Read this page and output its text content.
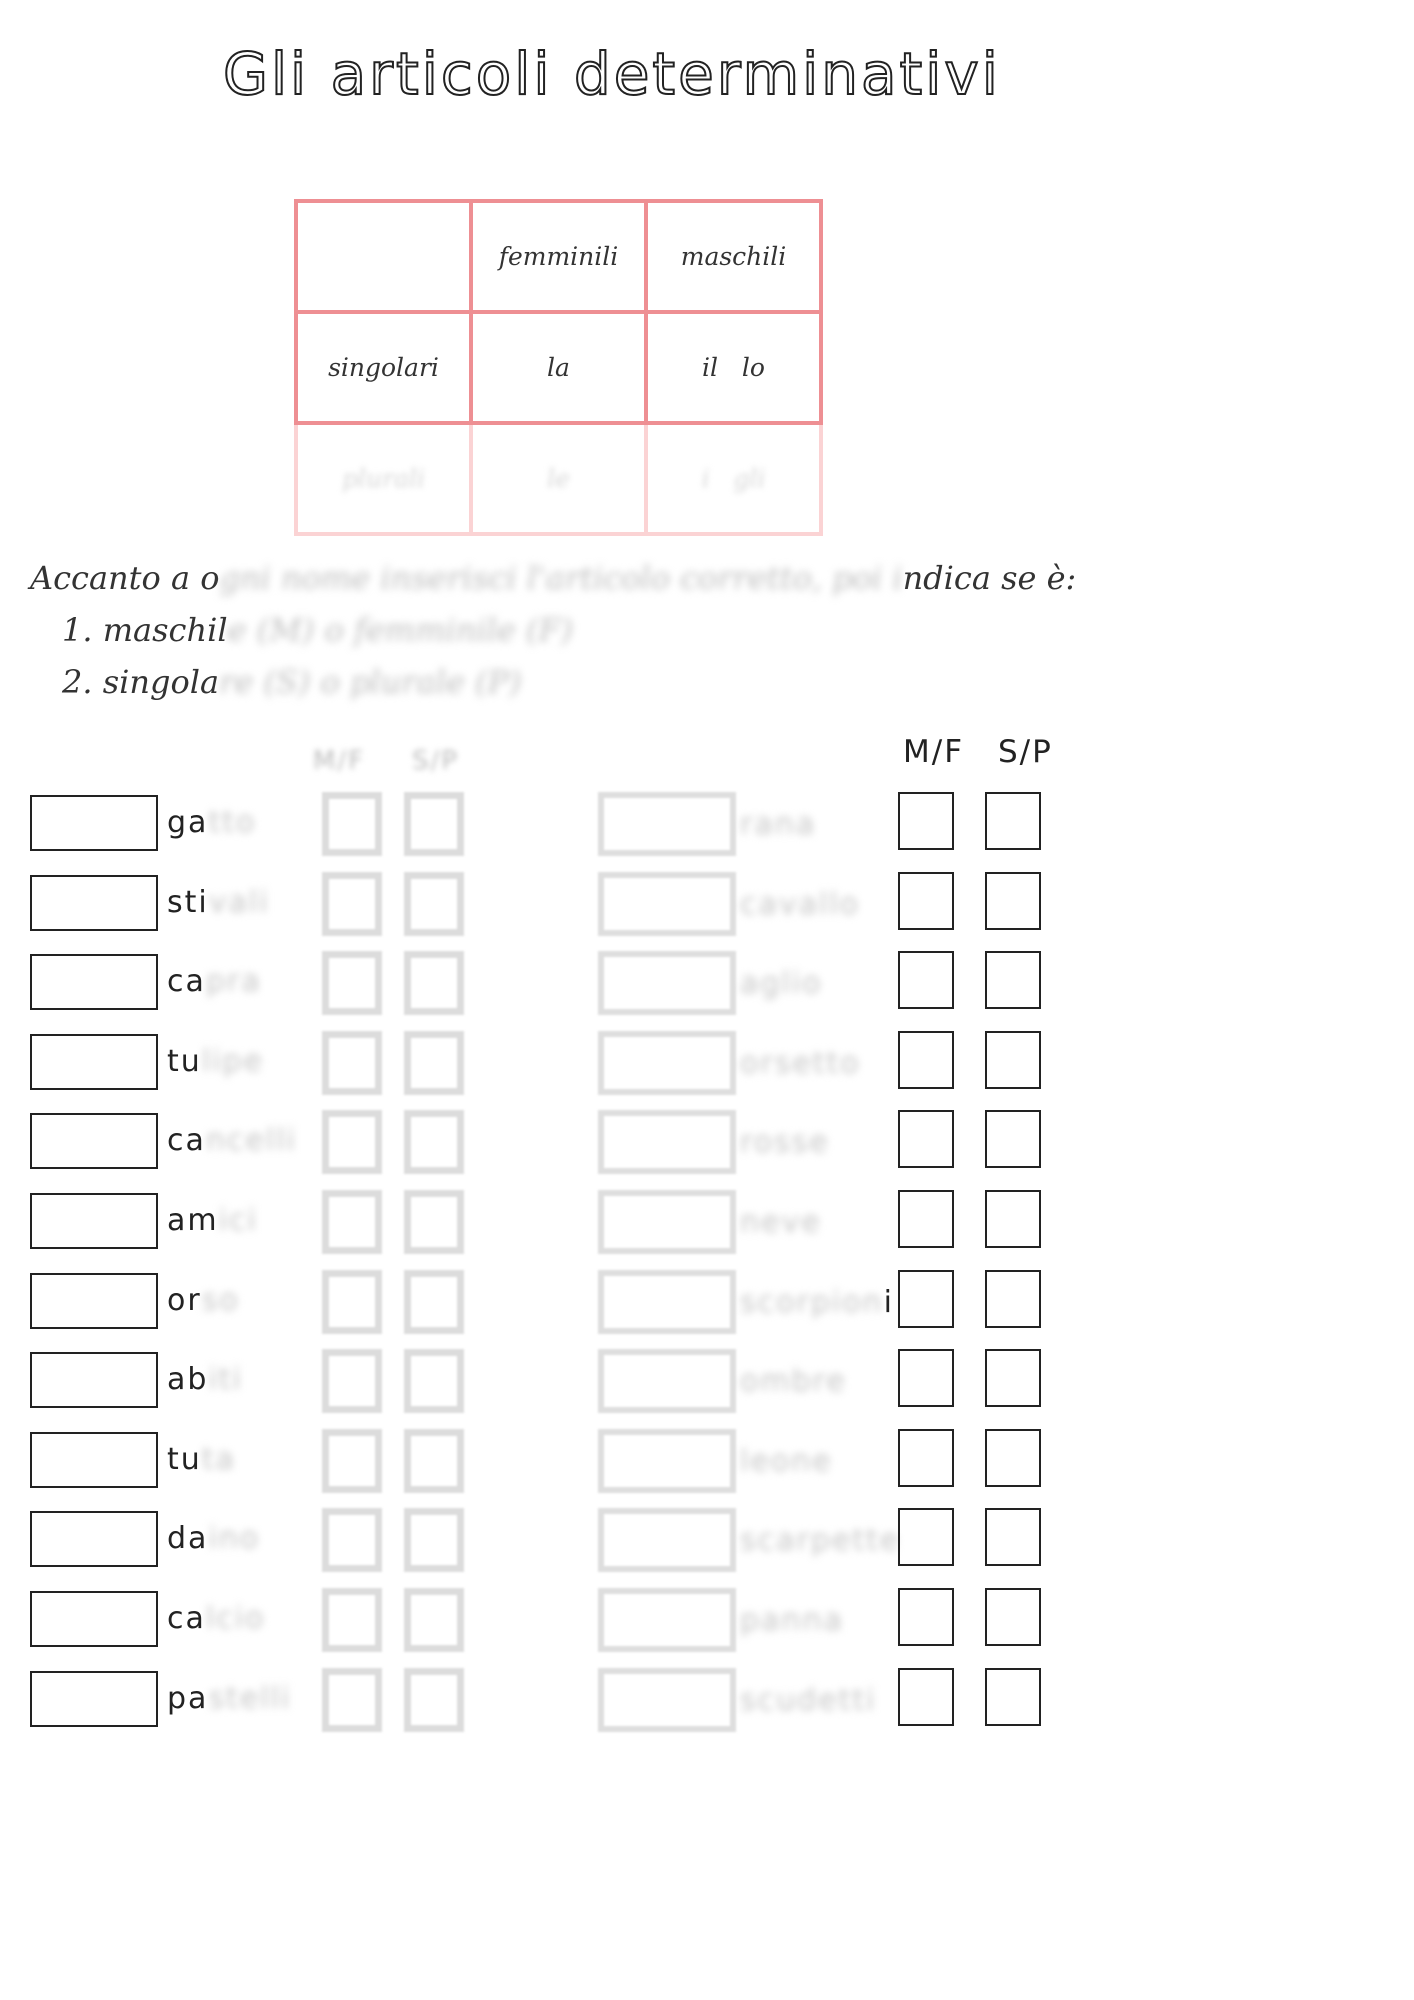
Gli articoli determinativi
	femminili	maschili
singolari	la	il   lo
plurali	le	i   gli
Accanto a ogni nome inserisci l'articolo corretto, poi indica se è:
1. maschile (M) o femminile (F)
2. singolare (S) o plurale (P)
M/F S/P	M/F S/P
gatto	rana
stivali	cavallo
capra	aglio
tulipe	orsetto
cancelli	rosse
amici	neve
orso	scorpioni
abiti	ombre
tuta	leone
daino	scarpette
calcio	panna
pastelli	scudetti
